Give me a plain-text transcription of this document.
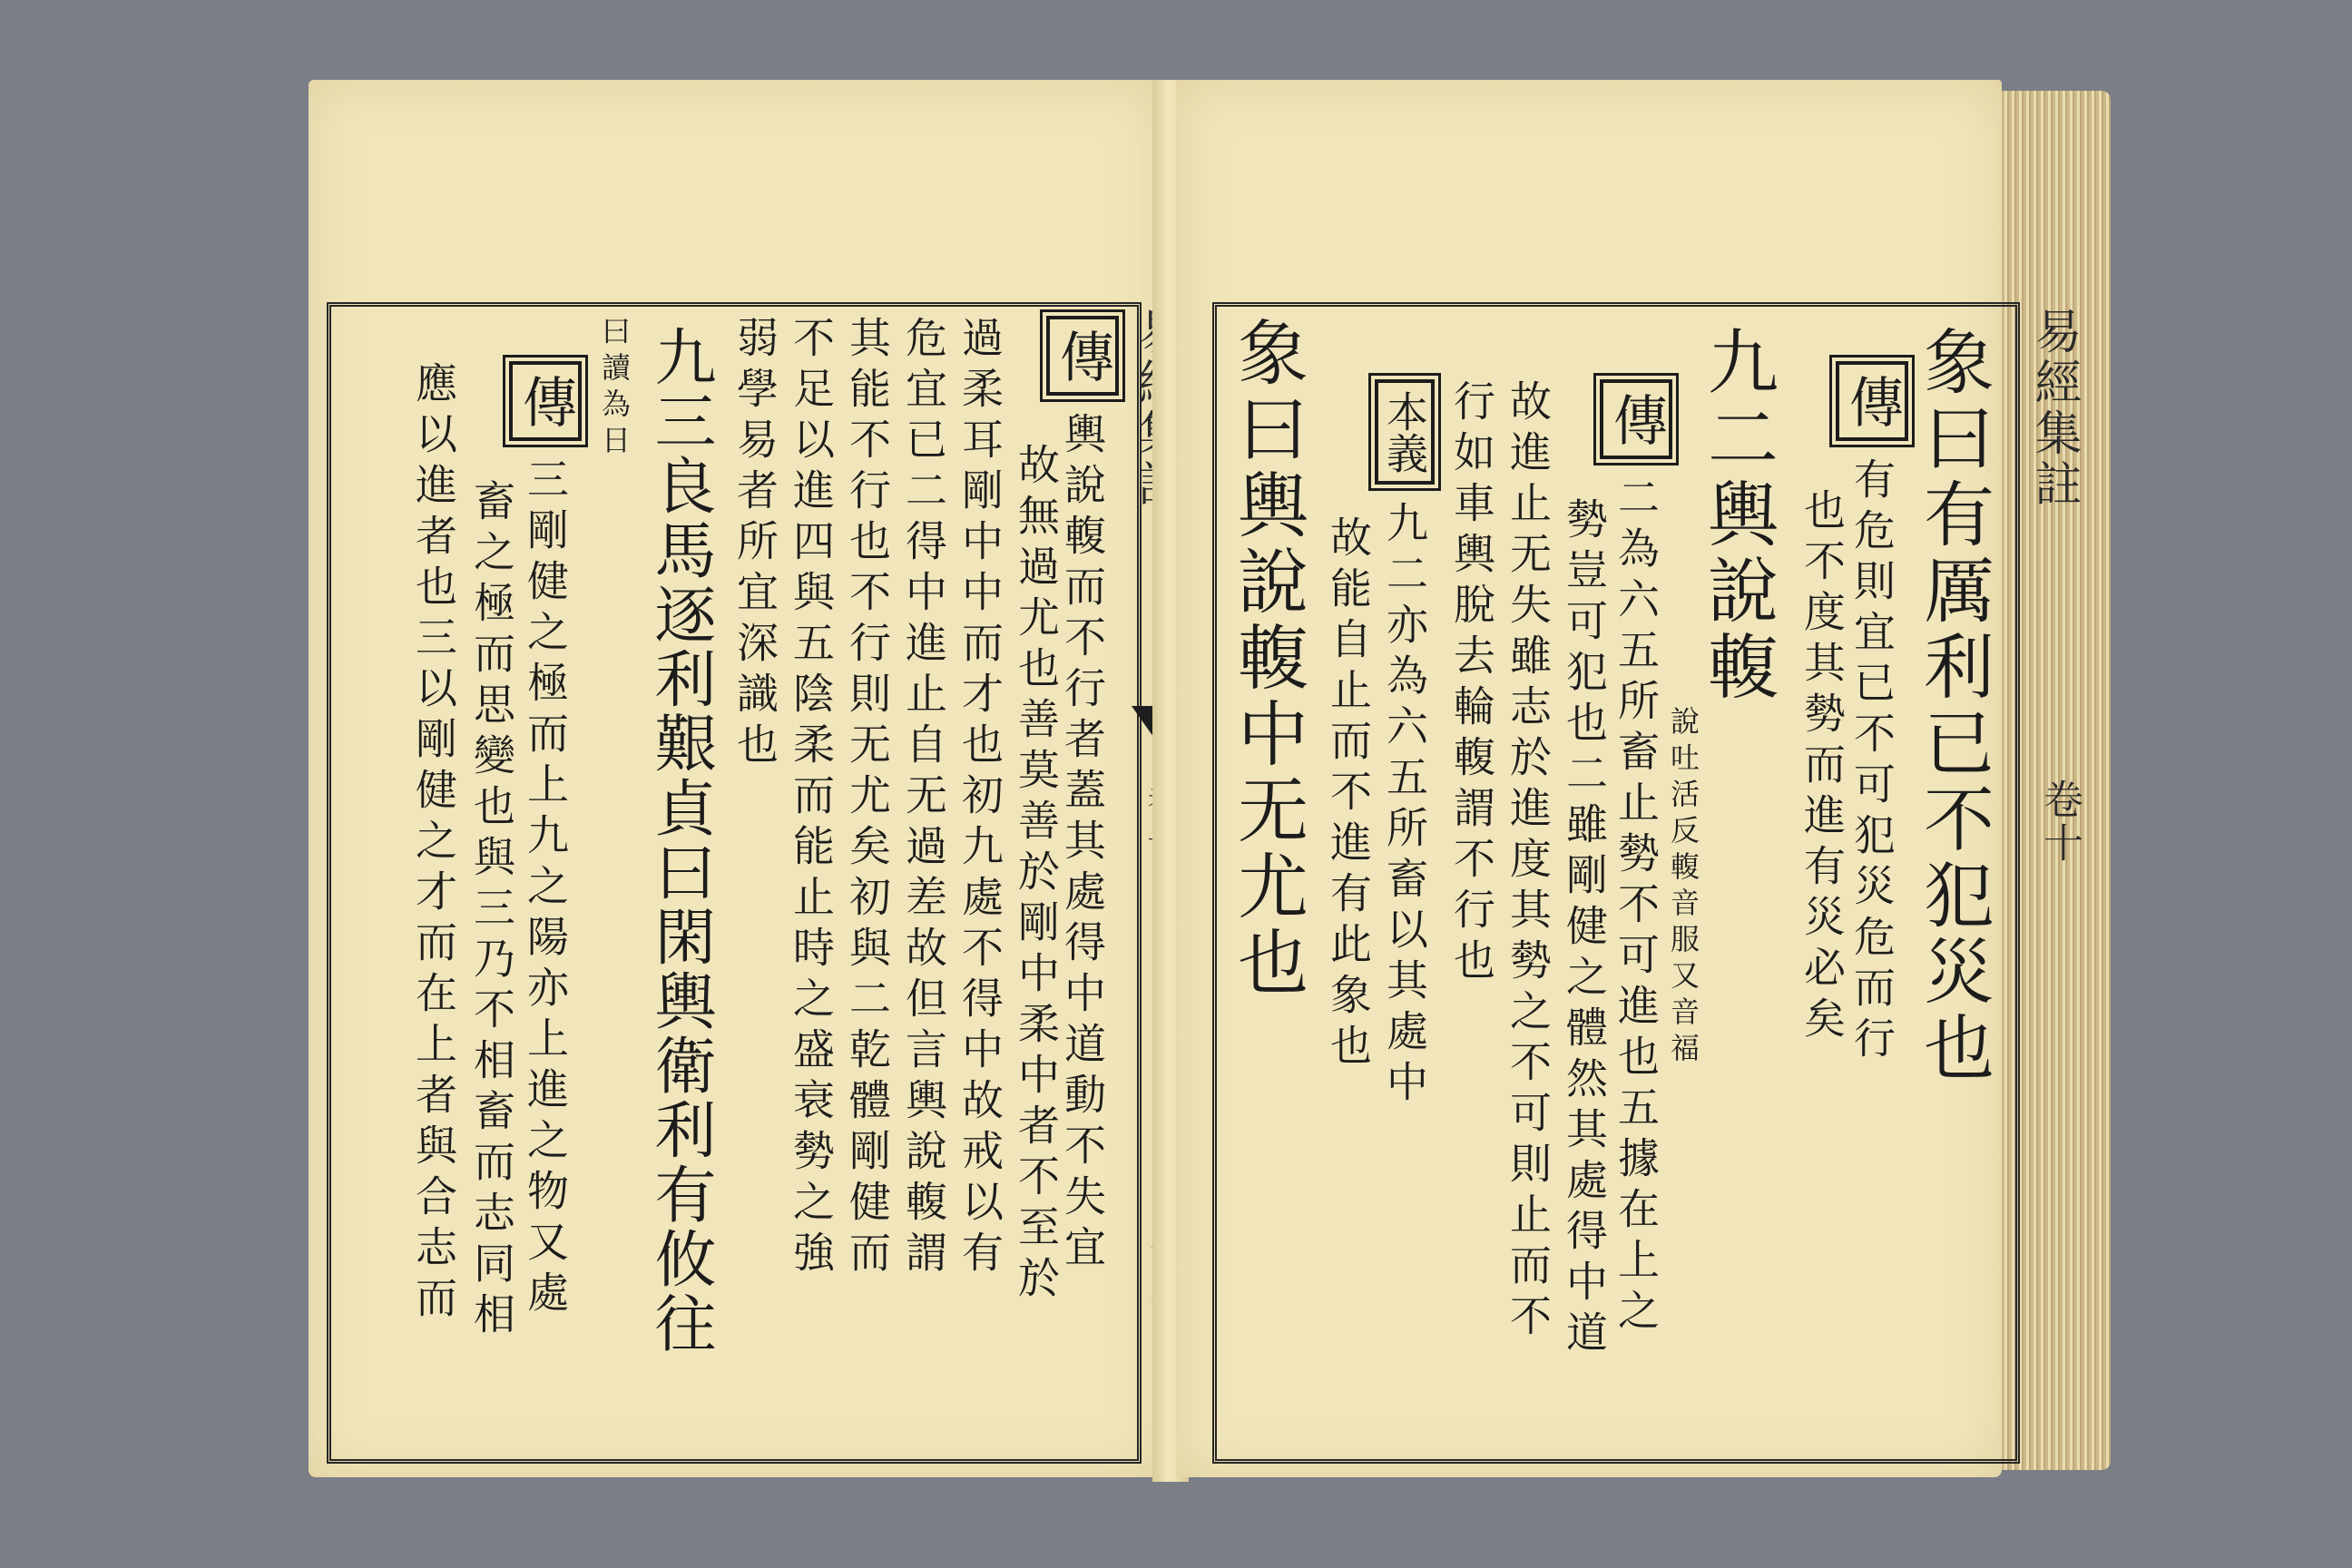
傳輿說輹而不行者蓋其處得中道動不失宜
故無過尤也善莫善於剛中柔中者不至於
過柔耳剛中中而才也初九處不得中故戒以有
危宜已二得中進止自无過差故但言輿說輹謂
其能不行也不行則无尤矣初與二乾體剛健而
不足以進四與五陰柔而能止時之盛衰勢之強
弱學易者所宜深識也
九三良馬逐利艱貞曰閑輿衛利有攸往
曰讀為日
傳三剛健之極而上九之陽亦上進之物又處
畜之極而思變也與三乃不相畜而志同相
應以進者也三以剛健之才而在上者與合志而	易經集註
卷十
象曰有厲利已不犯災也
傳有危則宜已不可犯災危而行
也不度其勢而進有災必矣
九二輿說輹
說吐活反輹音服又音福
傳二為六五所畜止勢不可進也五據在上之
勢豈可犯也二雖剛健之體然其處得中道
故進止无失雖志於進度其勢之不可則止而不
行如車輿脫去輪輹謂不行也
本義九二亦為六五所畜以其處中
故能自止而不進有此象也
象曰輿說輹中无尤也
